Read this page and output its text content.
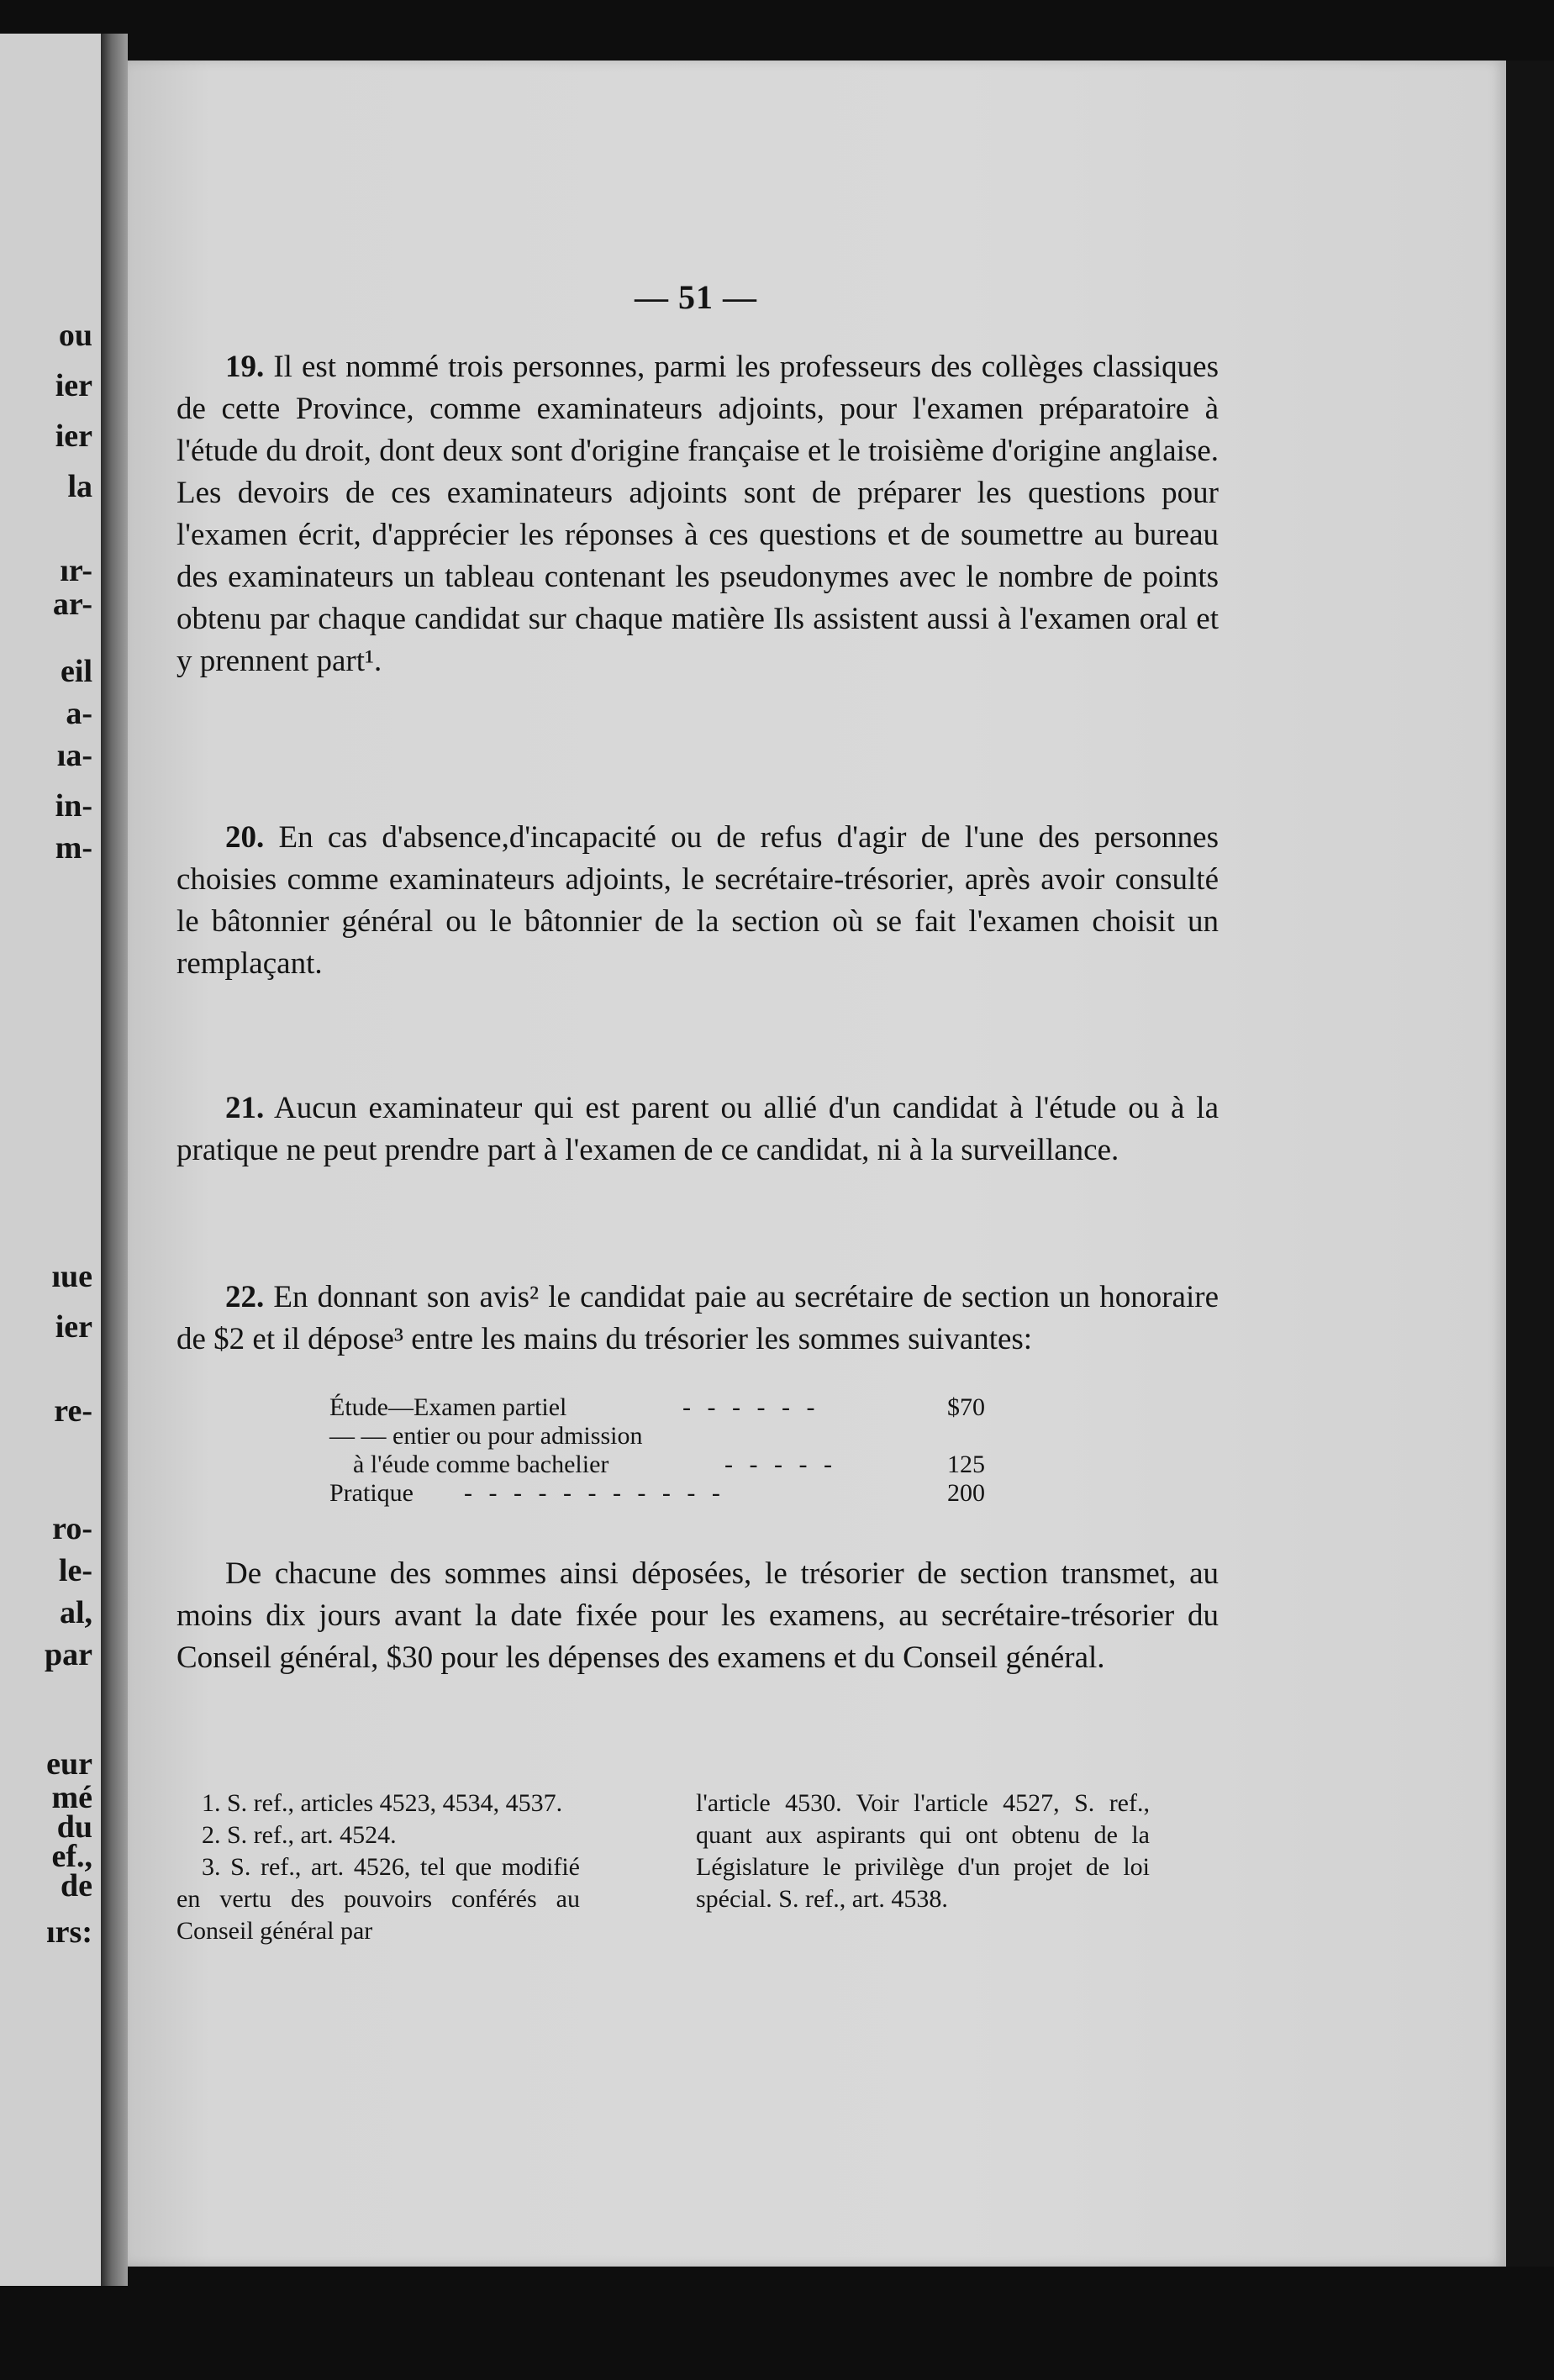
ou
ier
ier
la
ır-
ar-
eil
a-
ıa-
in-
m-
ıue
ier
re-
ro-
le-
al,
par
eur
mé
du
ef.,
de
ırs:
— 51 —
19. Il est nommé trois personnes, parmi les professeurs des collèges classiques de cette Province, comme examinateurs adjoints, pour l'examen préparatoire à l'étude du droit, dont deux sont d'origine française et le troisième d'origine anglaise. Les devoirs de ces examinateurs adjoints sont de préparer les questions pour l'examen écrit, d'apprécier les réponses à ces questions et de soumettre au bureau des examinateurs un tableau contenant les pseudonymes avec le nombre de points obtenu par chaque candidat sur chaque matière Ils assistent aussi à l'examen oral et y prennent part¹.
20. En cas d'absence,d'incapacité ou de refus d'agir de l'une des personnes choisies comme examinateurs adjoints, le secrétaire-trésorier, après avoir consulté le bâtonnier général ou le bâtonnier de la section où se fait l'examen choisit un remplaçant.
21. Aucun examinateur qui est parent ou allié d'un candidat à l'étude ou à la pratique ne peut prendre part à l'examen de ce candidat, ni à la surveillance.
22. En donnant son avis² le candidat paie au secrétaire de section un honoraire de $2 et il dépose³ entre les mains du trésorier les sommes suivantes:
Étude—Examen partiel	- - - - - -	$70
— — entier ou pour admission
à l'éude comme bachelier	- - - - -	125
Pratique - - - - - - - - - - -	200
De chacune des sommes ainsi déposées, le trésorier de section transmet, au moins dix jours avant la date fixée pour les examens, au secrétaire-trésorier du Conseil général, $30 pour les dépenses des examens et du Conseil général.
1. S. ref., articles 4523, 4534, 4537.
2. S. ref., art. 4524.
3. S. ref., art. 4526, tel que modifié en vertu des pouvoirs conférés au Conseil général par
l'article 4530. Voir l'article 4527, S. ref., quant aux aspirants qui ont obtenu de la Législature le privilège d'un projet de loi spécial. S. ref., art. 4538.
